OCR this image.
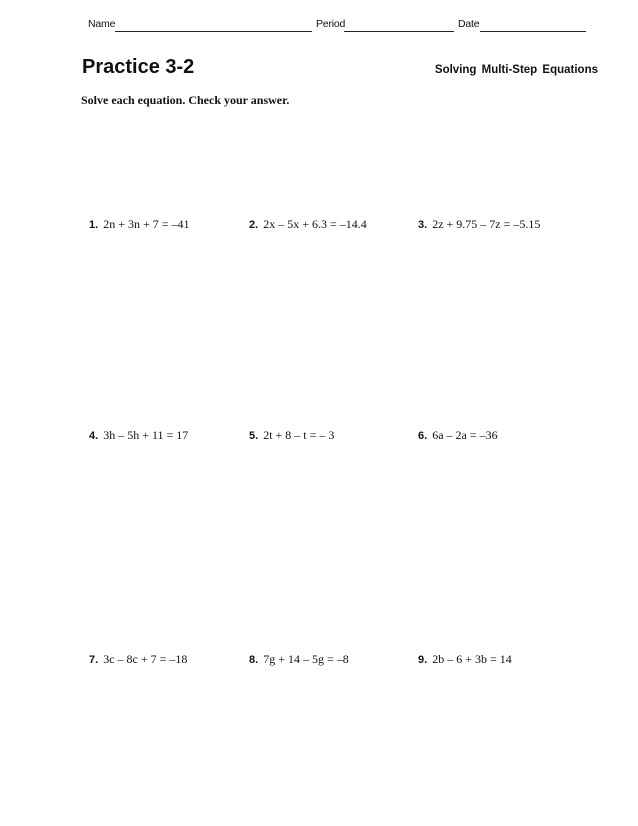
Name	Period	Date
Practice 3-2	Solving Multi-Step Equations
Solve each equation. Check your answer.
1. 2n + 3n + 7 = –41	2. 2x – 5x + 6.3 = –14.4	3. 2z + 9.75 – 7z = –5.15
4. 3h – 5h + 11 = 17	5. 2t + 8 – t = – 3	6. 6a – 2a = –36
7. 3c – 8c + 7 = –18	8. 7g + 14 – 5g = –8	9. 2b – 6 + 3b = 14
